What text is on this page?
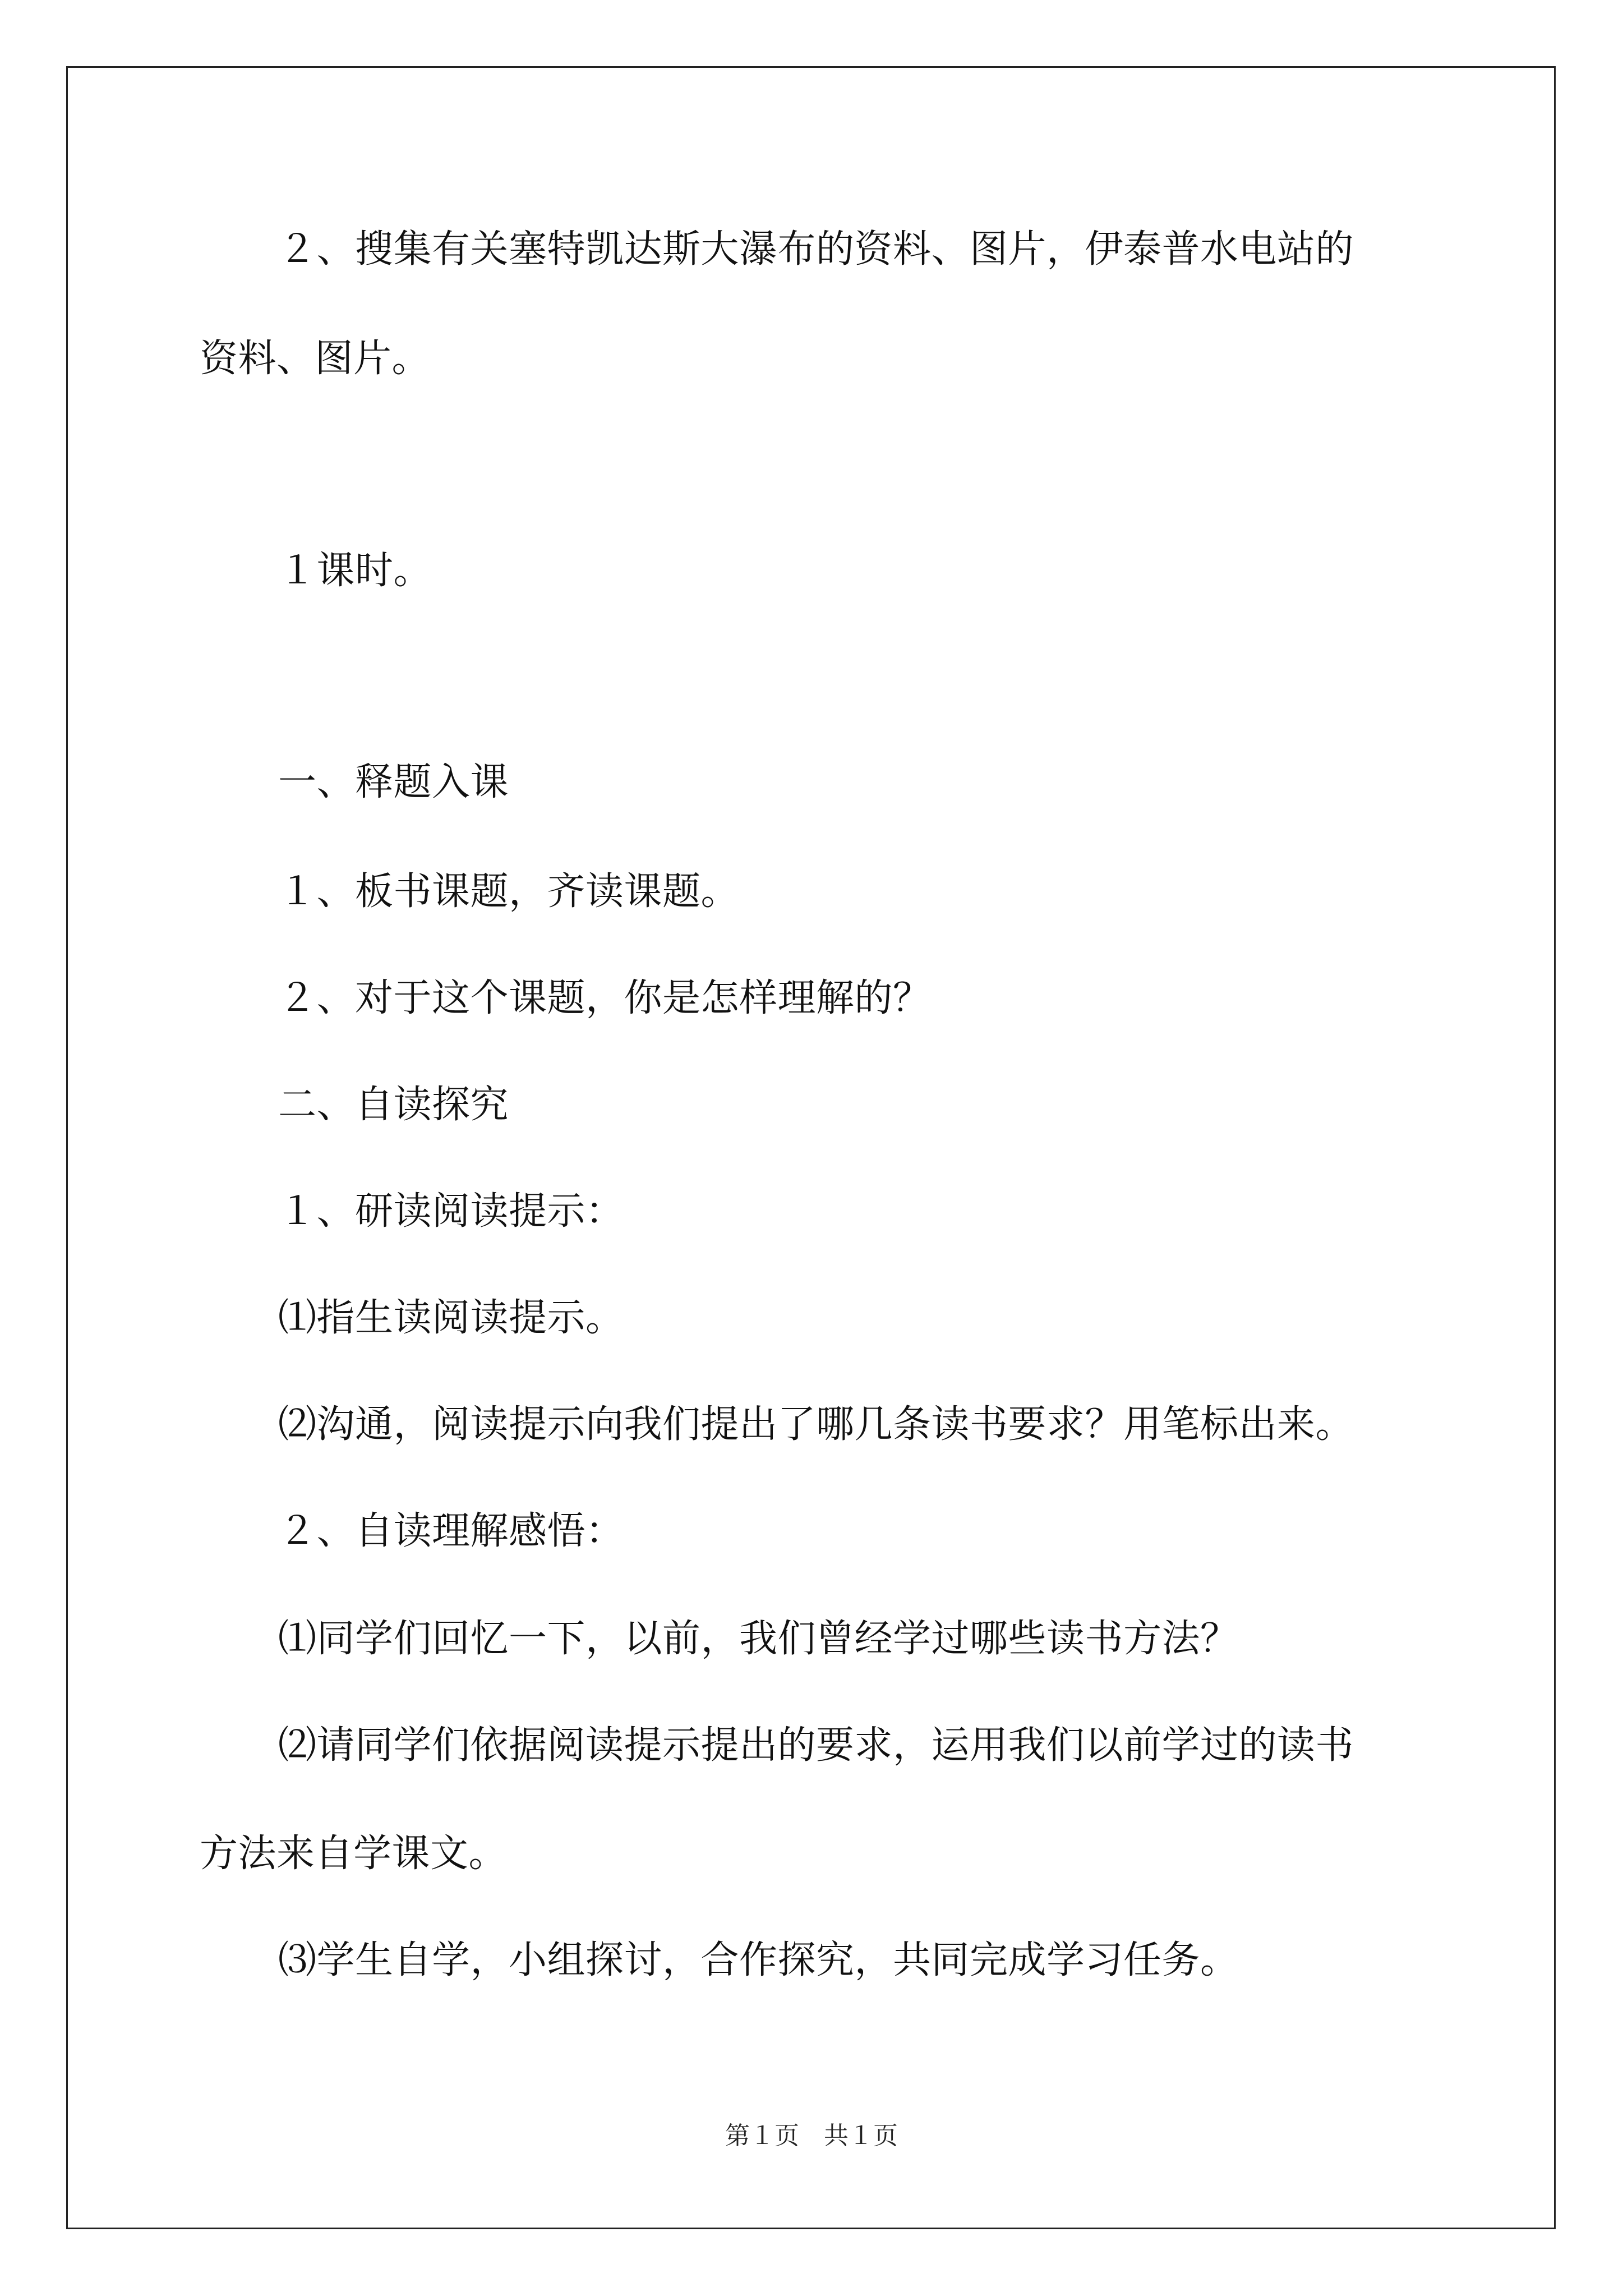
２、搜集有关塞特凯达斯大瀑布的资料、图片，伊泰普水电站的
资料、图片。
１课时。
一、释题入课
１、板书课题，齐读课题。
２、对于这个课题，你是怎样理解的？
二、自读探究
１、研读阅读提示：
⑴指生读阅读提示。
⑵沟通，阅读提示向我们提出了哪几条读书要求？用笔标出来。
２、自读理解感悟：
⑴同学们回忆一下，以前，我们曾经学过哪些读书方法？
⑵请同学们依据阅读提示提出的要求，运用我们以前学过的读书
方法来自学课文。
⑶学生自学，小组探讨，合作探究，共同完成学习任务。
第１页　共１页
